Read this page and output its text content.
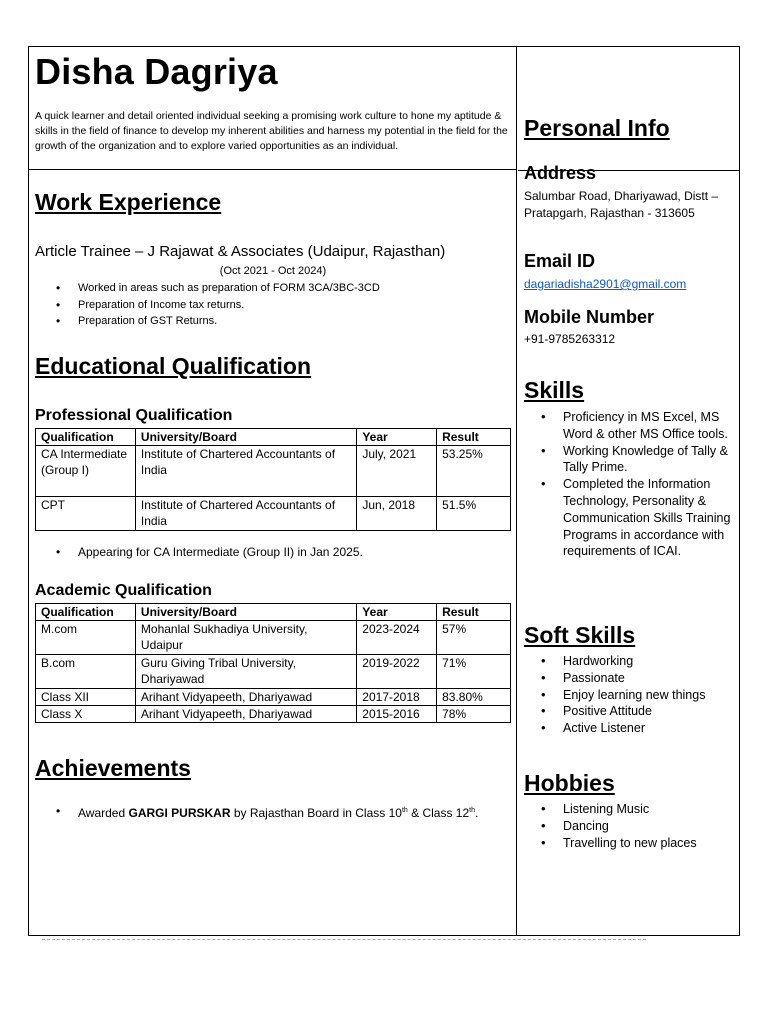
Disha Dagriya
A quick learner and detail oriented individual seeking a promising work culture to hone my aptitude & skills in the field of finance to develop my inherent abilities and harness my potential in the field for the growth of the organization and to explore varied opportunities as an individual.
Work Experience
Article Trainee – J Rajawat & Associates (Udaipur, Rajasthan)
(Oct 2021 - Oct 2024)
• Worked in areas such as preparation of FORM 3CA/3BC-3CD
• Preparation of Income tax returns.
• Preparation of GST Returns.
Educational Qualification
Professional Qualification
Qualification	University/Board	Year	Result
CA Intermediate (Group I)	Institute of Chartered Accountants of India	July, 2021	53.25%
CPT	Institute of Chartered Accountants of India	Jun, 2018	51.5%
• Appearing for CA Intermediate (Group II) in Jan 2025.
Academic Qualification
Qualification	University/Board	Year	Result
M.com	Mohanlal Sukhadiya University, Udaipur	2023-2024	57%
B.com	Guru Giving Tribal University, Dhariyawad	2019-2022	71%
Class XII	Arihant Vidyapeeth, Dhariyawad	2017-2018	83.80%
Class X	Arihant Vidyapeeth, Dhariyawad	2015-2016	78%
Achievements
• Awarded GARGI PURSKAR by Rajasthan Board in Class 10th & Class 12th.
Personal Info
Address
Salumbar Road, Dhariyawad, Distt – Pratapgarh, Rajasthan - 313605
Email ID
dagariadisha2901@gmail.com
Mobile Number
+91-9785263312
Skills
• Proficiency in MS Excel, MS Word & other MS Office tools.
• Working Knowledge of Tally & Tally Prime.
• Completed the Information Technology, Personality & Communication Skills Training Programs in accordance with requirements of ICAI.
Soft Skills
• Hardworking
• Passionate
• Enjoy learning new things
• Positive Attitude
• Active Listener
Hobbies
• Listening Music
• Dancing
• Travelling to new places
